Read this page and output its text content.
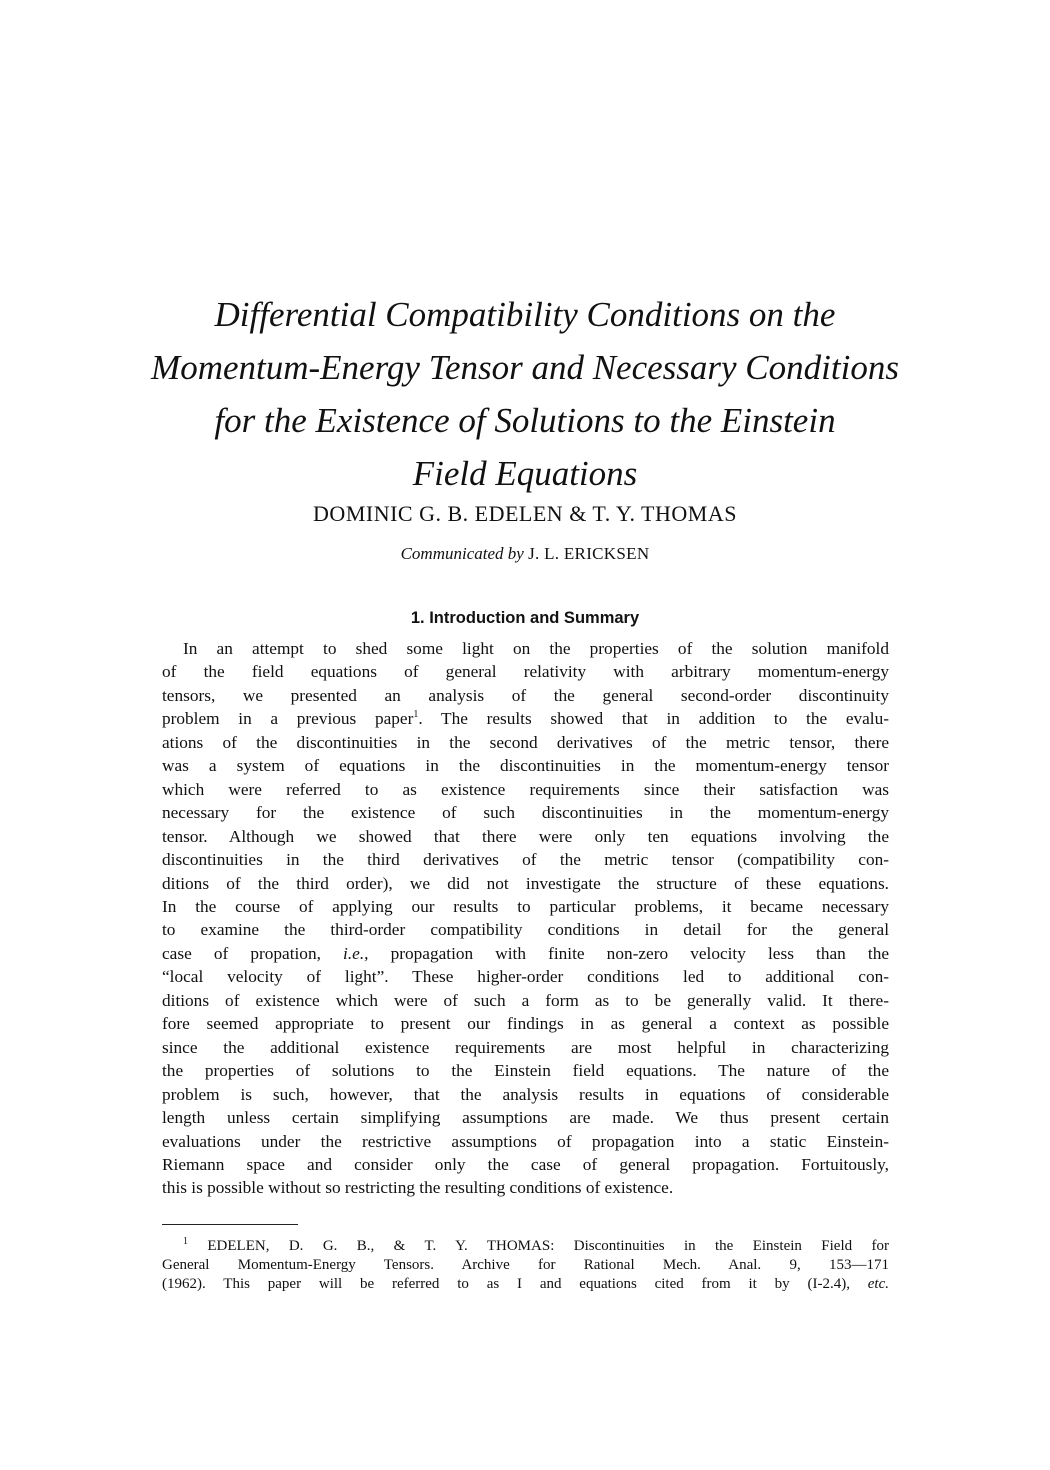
Differential Compatibility Conditions on the
Momentum-Energy Tensor and Necessary Conditions
for the Existence of Solutions to the Einstein
Field Equations

DOMINIC G. B. EDELEN & T. Y. THOMAS

Communicated by J. L. ERICKSEN

1. Introduction and Summary
In an attempt to shed some light on the properties of the solution manifold
of the field equations of general relativity with arbitrary momentum-energy
tensors, we presented an analysis of the general second-order discontinuity
problem in a previous paper$^1$. The results showed that in addition to the evalu-
ations of the discontinuities in the second derivatives of the metric tensor, there
was a system of equations in the discontinuities in the momentum-energy tensor
which were referred to as existence requirements since their satisfaction was
necessary for the existence of such discontinuities in the momentum-energy
tensor. Although we showed that there were only ten equations involving the
discontinuities in the third derivatives of the metric tensor (compatibility con-
ditions of the third order), we did not investigate the structure of these equations.
In the course of applying our results to particular problems, it became necessary
to examine the third-order compatibility conditions in detail for the general
case of propation, i.e., propagation with finite non-zero velocity less than the
“local velocity of light”. These higher-order conditions led to additional con-
ditions of existence which were of such a form as to be generally valid. It there-
fore seemed appropriate to present our findings in as general a context as possible
since the additional existence requirements are most helpful in characterizing
the properties of solutions to the Einstein field equations. The nature of the
problem is such, however, that the analysis results in equations of considerable
length unless certain simplifying assumptions are made. We thus present certain
evaluations under the restrictive assumptions of propagation into a static Einstein-
Riemann space and consider only the case of general propagation. Fortuitously,
this is possible without so restricting the resulting conditions of existence.
$^1$ EDELEN, D. G. B., & T. Y. THOMAS: Discontinuities in the Einstein Field for
General Momentum-Energy Tensors. Archive for Rational Mech. Anal. 9, 153—171
(1962). This paper will be referred to as I and equations cited from it by (I-2.4), etc.
